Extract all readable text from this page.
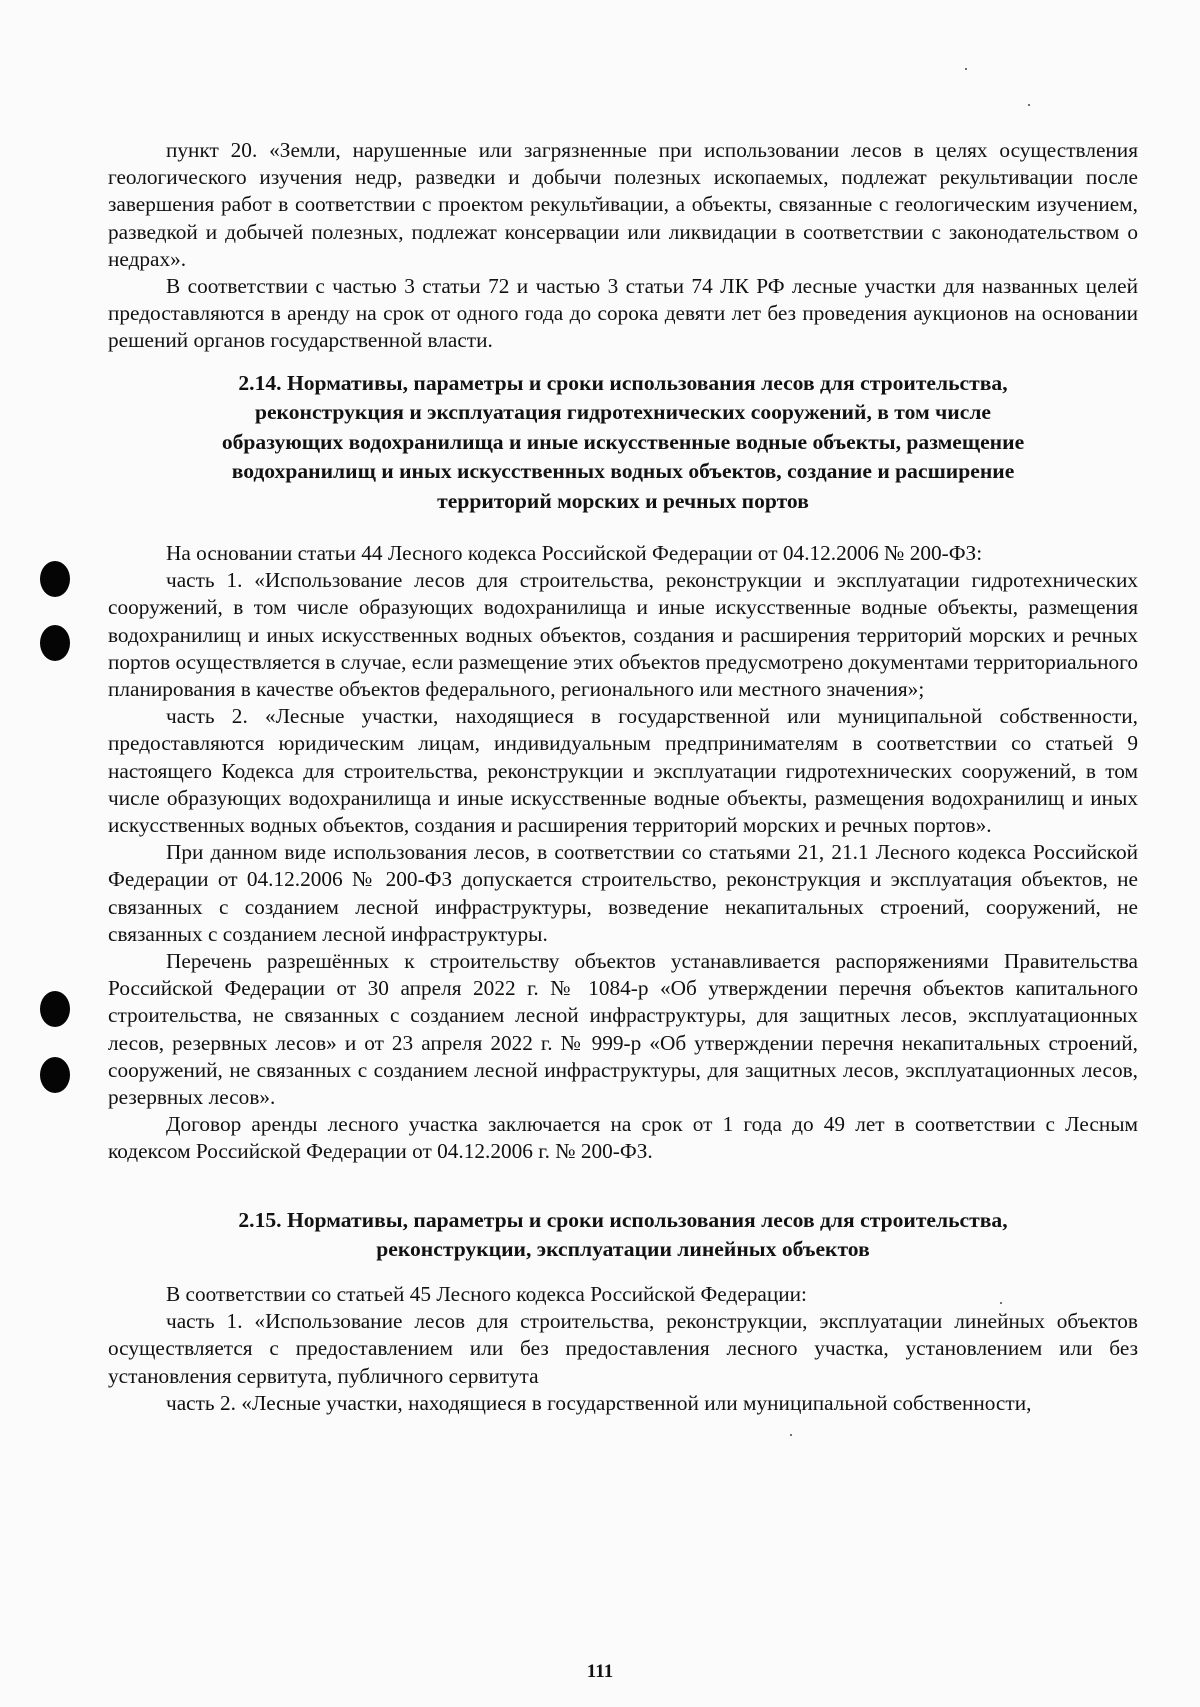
пункт 20. «Земли, нарушенные или загрязненные при использовании лесов в целях осуществления геологического изучения недр, разведки и добычи полезных ископаемых, подлежат рекультивации после завершения работ в соответствии с проектом рекульт̆ивации, а объекты, связанные с геологическим изучением, разведкой и добычей полезных, подлежат консервации или ликвидации в соответствии с законодательством о недрах».

В соответствии с частью 3 статьи 72 и частью 3 статьи 74 ЛК РФ лесные участки для названных целей предоставляются в аренду на срок от одного года до сорока девяти лет без проведения аукционов на основании решений органов государственной власти.

2.14. Нормативы, параметры и сроки использования лесов для строительства,
реконструкция и эксплуатация гидротехнических сооружений, в том числе
образующих водохранилища и иные искусственные водные объекты, размещение
водохранилищ и иных искусственных водных объектов, создание и расширение
территорий морских и речных портов

На основании статьи 44 Лесного кодекса Российской Федерации от 04.12.2006 № 200-ФЗ:

часть 1. «Использование лесов для строительства, реконструкции и эксплуатации гидротехнических сооружений, в том числе образующих водохранилища и иные искусственные водные объекты, размещения водохранилищ и иных искусственных водных объектов, создания и расширения территорий морских и речных портов осуществляется в случае, если размещение этих объектов предусмотрено документами территориального планирования в качестве объектов федерального, регионального или местного значения»;

часть 2. «Лесные участки, находящиеся в государственной или муниципальной собственности, предоставляются юридическим лицам, индивидуальным предпринимателям в соответствии со статьей 9 настоящего Кодекса для строительства, реконструкции и эксплуатации гидротехнических сооружений, в том числе образующих водохранилища и иные искусственные водные объекты, размещения водохранилищ и иных искусственных водных объектов, создания и расширения территорий морских и речных портов».

При данном виде использования лесов, в соответствии со статьями 21, 21.1 Лесного кодекса Российской Федерации от 04.12.2006 № 200-ФЗ допускается строительство, реконструкция и эксплуатация объектов, не связанных с созданием лесной инфраструктуры, возведение некапитальных строений, сооружений, не связанных с созданием лесной инфраструктуры.

Перечень разрешённых к строительству объектов устанавливается распоряжениями Правительства Российской Федерации от 30 апреля 2022 г. № 1084-р «Об утверждении перечня объектов капитального строительства, не связанных с созданием лесной инфраструктуры, для защитных лесов, эксплуатационных лесов, резервных лесов» и от 23 апреля 2022 г. № 999-р «Об утверждении перечня некапитальных строений, сооружений, не связанных с созданием лесной инфраструктуры, для защитных лесов, эксплуатационных лесов, резервных лесов».

Договор аренды лесного участка заключается на срок от 1 года до 49 лет в соответствии с Лесным кодексом Российской Федерации от 04.12.2006 г. № 200-ФЗ.

2.15. Нормативы, параметры и сроки использования лесов для строительства,
реконструкции, эксплуатации линейных объектов

В соответствии со статьей 45 Лесного кодекса Российской Федерации:

часть 1. «Использование лесов для строительства, реконструкции, эксплуатации линейных объектов осуществляется с предоставлением или без предоставления лесного участка, установлением или без установления сервитута, публичного сервитута

часть 2. «Лесные участки, находящиеся в государственной или муниципальной собственности,

111
